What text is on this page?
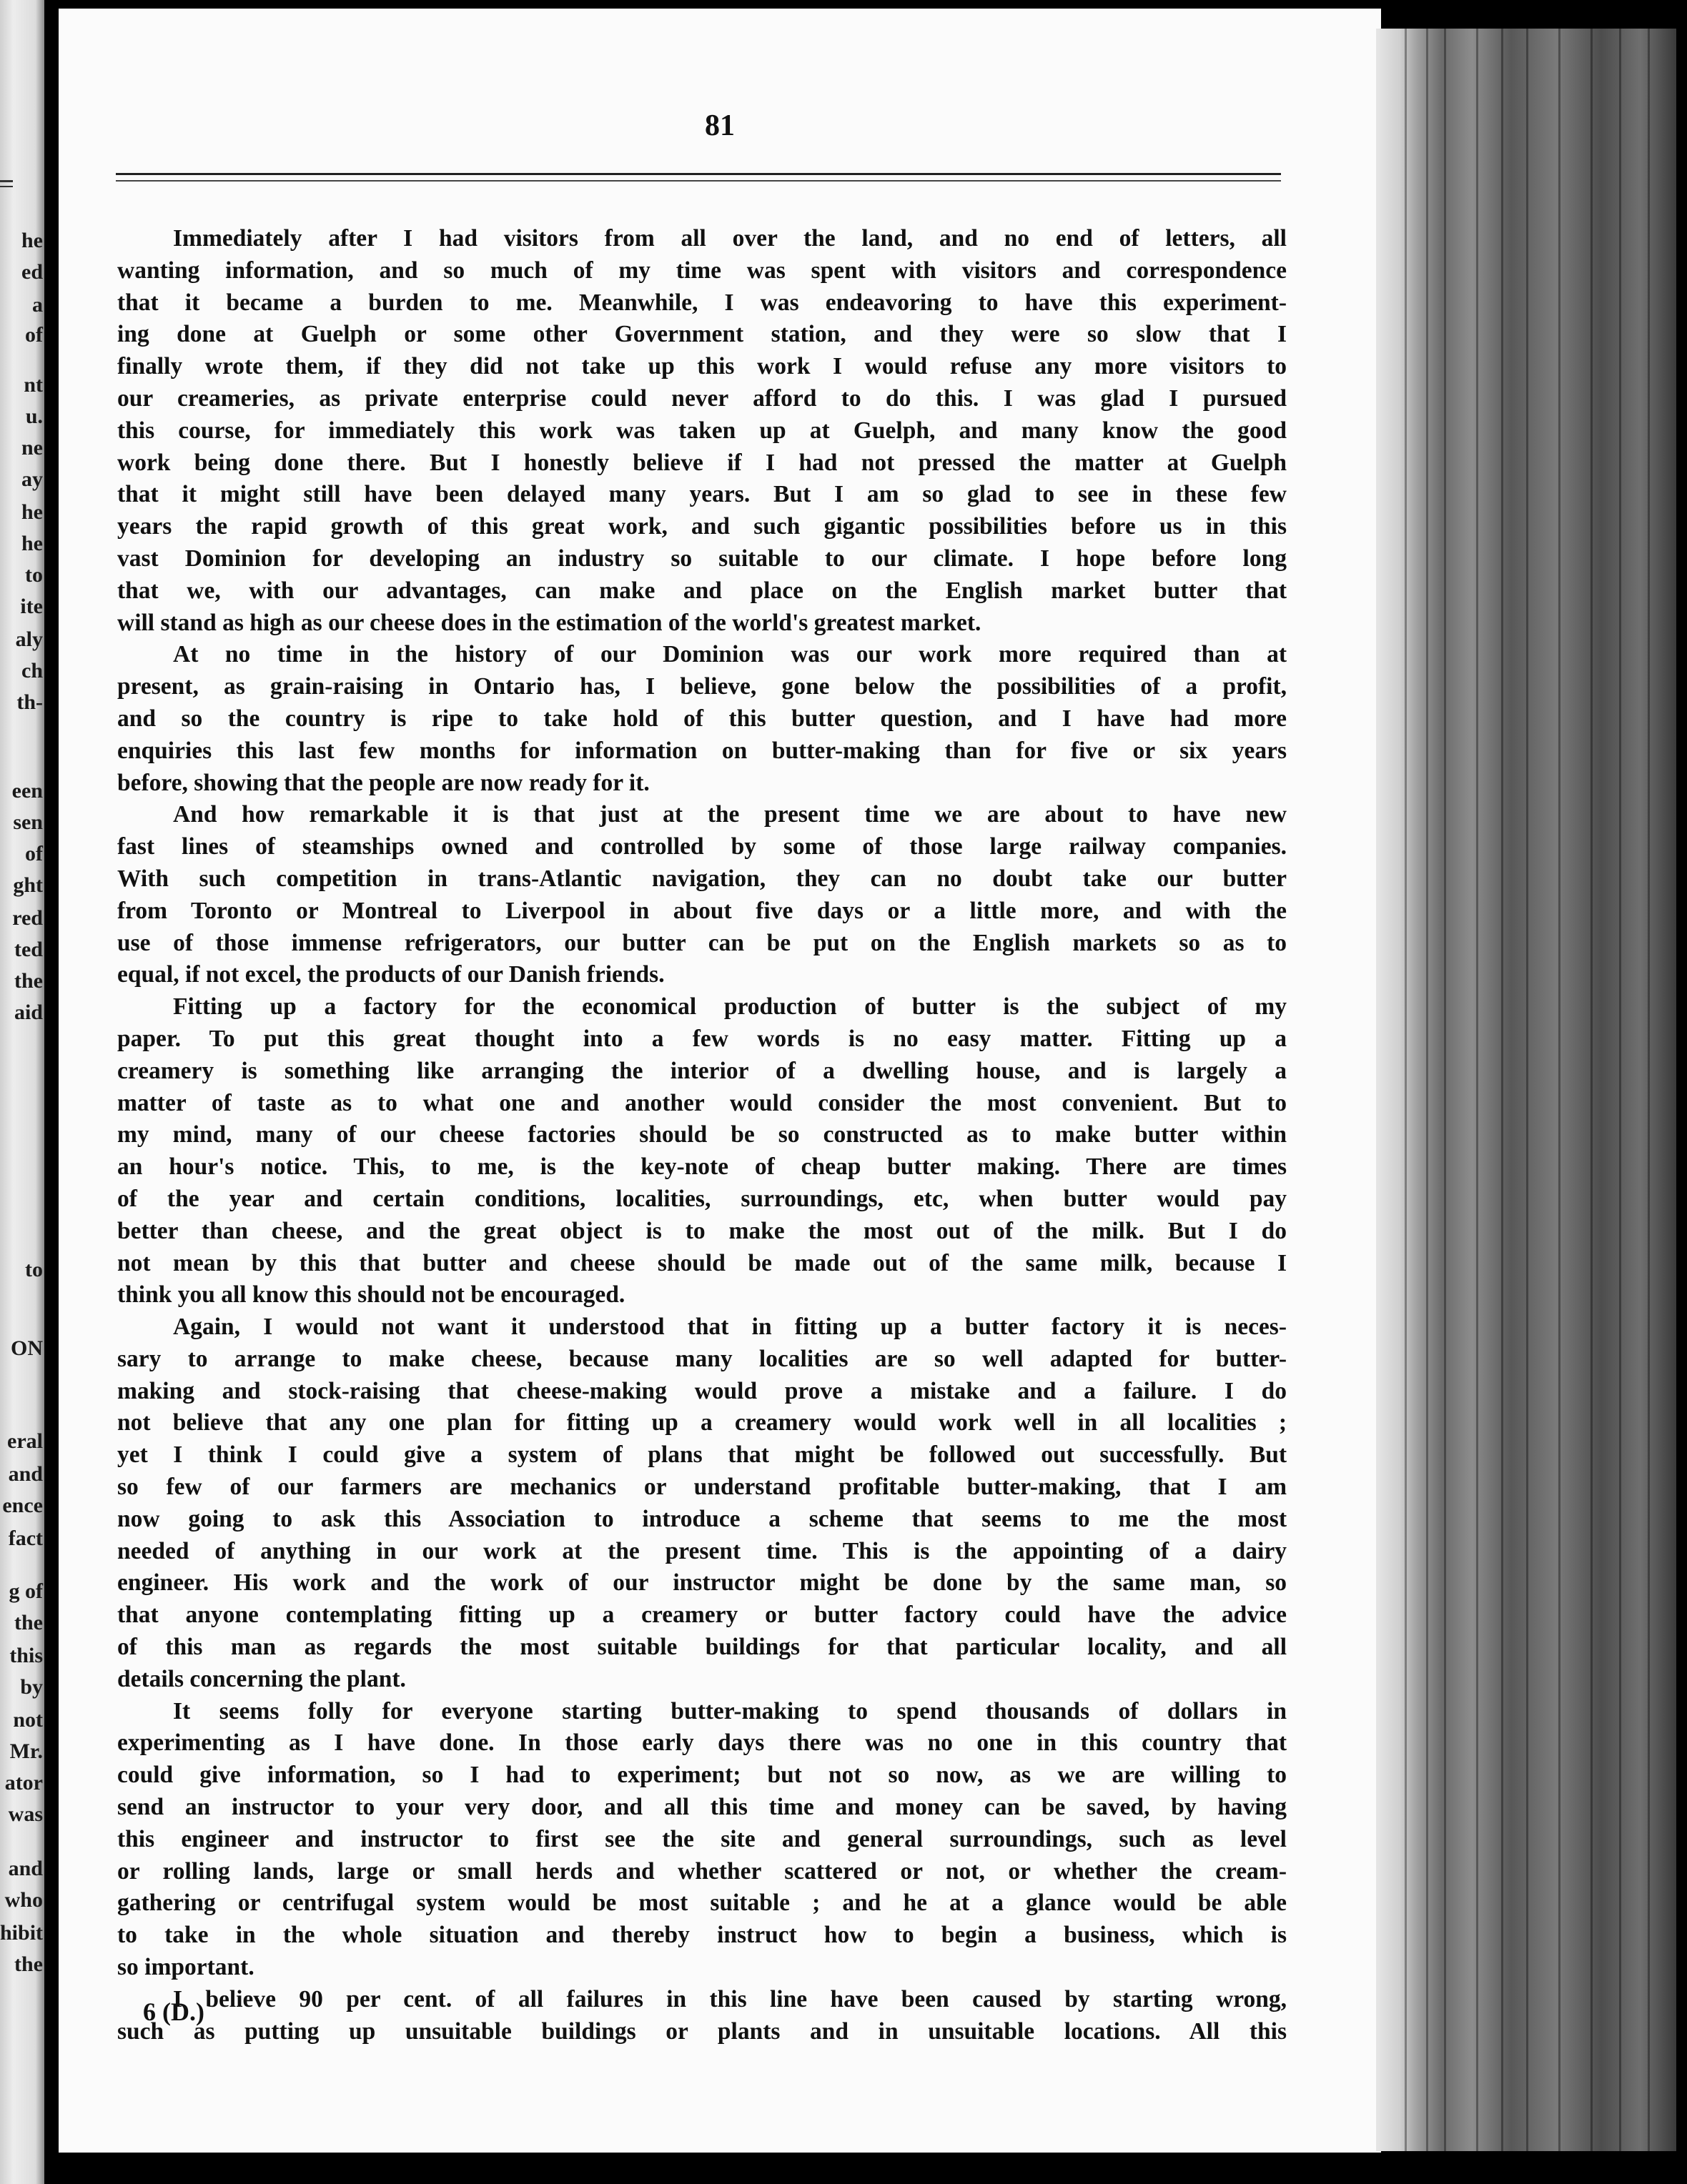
he
ed
a
of
nt
u.
ne
ay
he
he
to
ite
aly
ch
th-
een
sen
of
ght
red
ted
the
aid
to
ON
eral
and
ence
fact
g of
the
this
by
not
Mr.
ator
was
and
who
hibit
the
81
Immediately after I had visitors from all over the land, and no end of letters, all
wanting information, and so much of my time was spent with visitors and correspondence
that it became a burden to me. Meanwhile, I was endeavoring to have this experiment-
ing done at Guelph or some other Government station, and they were so slow that I
finally wrote them, if they did not take up this work I would refuse any more visitors to
our creameries, as private enterprise could never afford to do this. I was glad I pursued
this course, for immediately this work was taken up at Guelph, and many know the good
work being done there. But I honestly believe if I had not pressed the matter at Guelph
that it might still have been delayed many years. But I am so glad to see in these few
years the rapid growth of this great work, and such gigantic possibilities before us in this
vast Dominion for developing an industry so suitable to our climate. I hope before long
that we, with our advantages, can make and place on the English market butter that
will stand as high as our cheese does in the estimation of the world's greatest market.
At no time in the history of our Dominion was our work more required than at
present, as grain-raising in Ontario has, I believe, gone below the possibilities of a profit,
and so the country is ripe to take hold of this butter question, and I have had more
enquiries this last few months for information on butter-making than for five or six years
before, showing that the people are now ready for it.
And how remarkable it is that just at the present time we are about to have new
fast lines of steamships owned and controlled by some of those large railway companies.
With such competition in trans-Atlantic navigation, they can no doubt take our butter
from Toronto or Montreal to Liverpool in about five days or a little more, and with the
use of those immense refrigerators, our butter can be put on the English markets so as to
equal, if not excel, the products of our Danish friends.
Fitting up a factory for the economical production of butter is the subject of my
paper. To put this great thought into a few words is no easy matter. Fitting up a
creamery is something like arranging the interior of a dwelling house, and is largely a
matter of taste as to what one and another would consider the most convenient. But to
my mind, many of our cheese factories should be so constructed as to make butter within
an hour's notice. This, to me, is the key-note of cheap butter making. There are times
of the year and certain conditions, localities, surroundings, etc, when butter would pay
better than cheese, and the great object is to make the most out of the milk. But I do
not mean by this that butter and cheese should be made out of the same milk, because I
think you all know this should not be encouraged.
Again, I would not want it understood that in fitting up a butter factory it is neces-
sary to arrange to make cheese, because many localities are so well adapted for butter-
making and stock-raising that cheese-making would prove a mistake and a failure. I do
not believe that any one plan for fitting up a creamery would work well in all localities ;
yet I think I could give a system of plans that might be followed out successfully. But
so few of our farmers are mechanics or understand profitable butter-making, that I am
now going to ask this Association to introduce a scheme that seems to me the most
needed of anything in our work at the present time. This is the appointing of a dairy
engineer. His work and the work of our instructor might be done by the same man, so
that anyone contemplating fitting up a creamery or butter factory could have the advice
of this man as regards the most suitable buildings for that particular locality, and all
details concerning the plant.
It seems folly for everyone starting butter-making to spend thousands of dollars in
experimenting as I have done. In those early days there was no one in this country that
could give information, so I had to experiment; but not so now, as we are willing to
send an instructor to your very door, and all this time and money can be saved, by having
this engineer and instructor to first see the site and general surroundings, such as level
or rolling lands, large or small herds and whether scattered or not, or whether the cream-
gathering or centrifugal system would be most suitable ; and he at a glance would be able
to take in the whole situation and thereby instruct how to begin a business, which is
so important.
I believe 90 per cent. of all failures in this line have been caused by starting wrong,
such as putting up unsuitable buildings or plants and in unsuitable locations. All this
6 (D.)
